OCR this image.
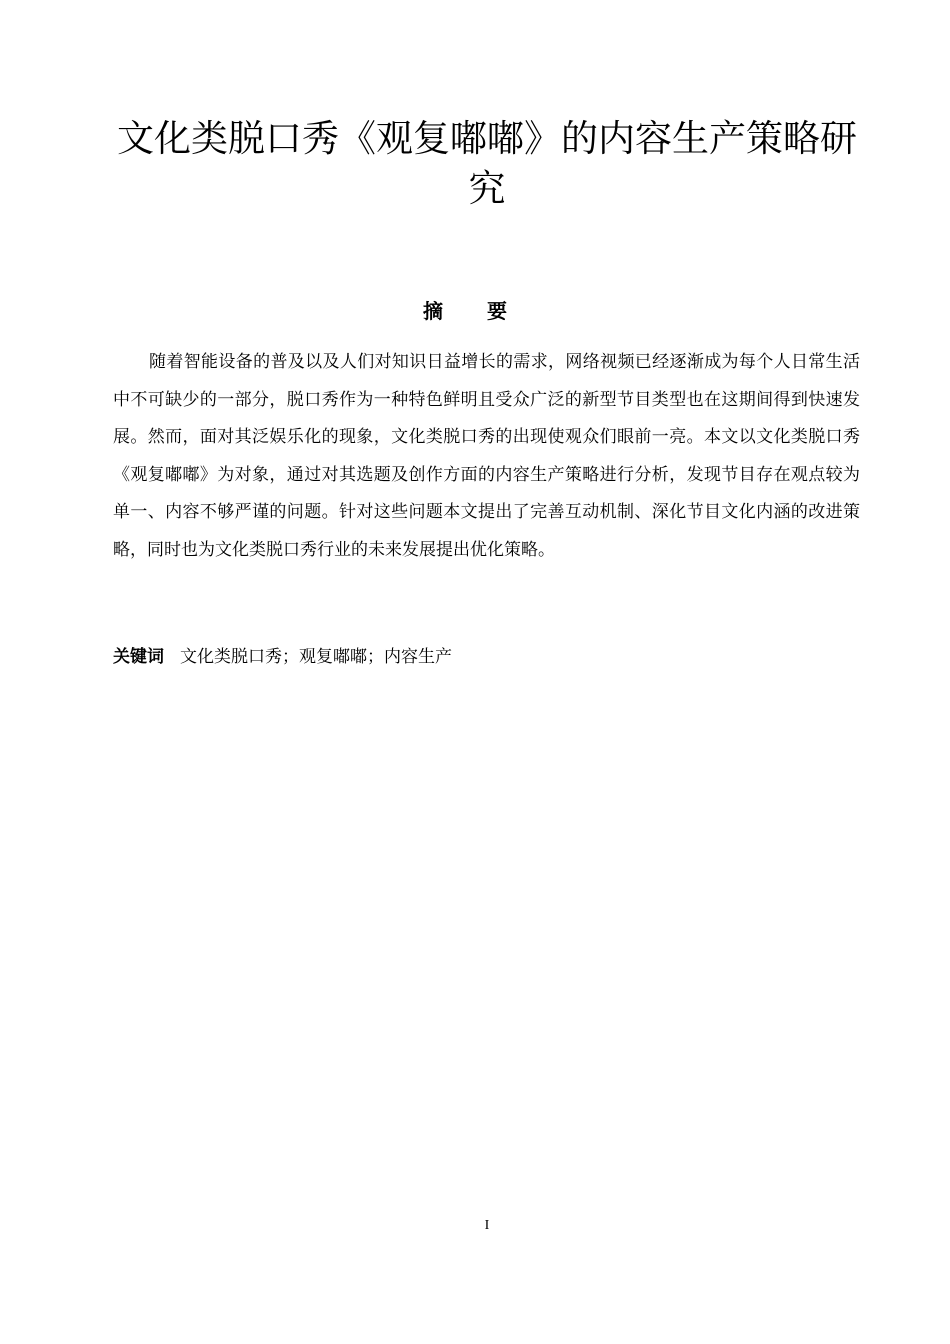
文化类脱口秀《观复嘟嘟》的内容生产策略研究
摘要

随着智能设备的普及以及人们对知识日益增长的需求，网络视频已经逐渐成为每个人日常生活中不可缺少的一部分，脱口秀作为一种特色鲜明且受众广泛的新型节目类型也在这期间得到快速发展。然而，面对其泛娱乐化的现象，文化类脱口秀的出现使观众们眼前一亮。本文以文化类脱口秀《观复嘟嘟》为对象，通过对其选题及创作方面的内容生产策略进行分析，发现节目存在观点较为单一、内容不够严谨的问题。针对这些问题本文提出了完善互动机制、深化节目文化内涵的改进策略，同时也为文化类脱口秀行业的未来发展提出优化策略。

关键词 文化类脱口秀；观复嘟嘟；内容生产

I
